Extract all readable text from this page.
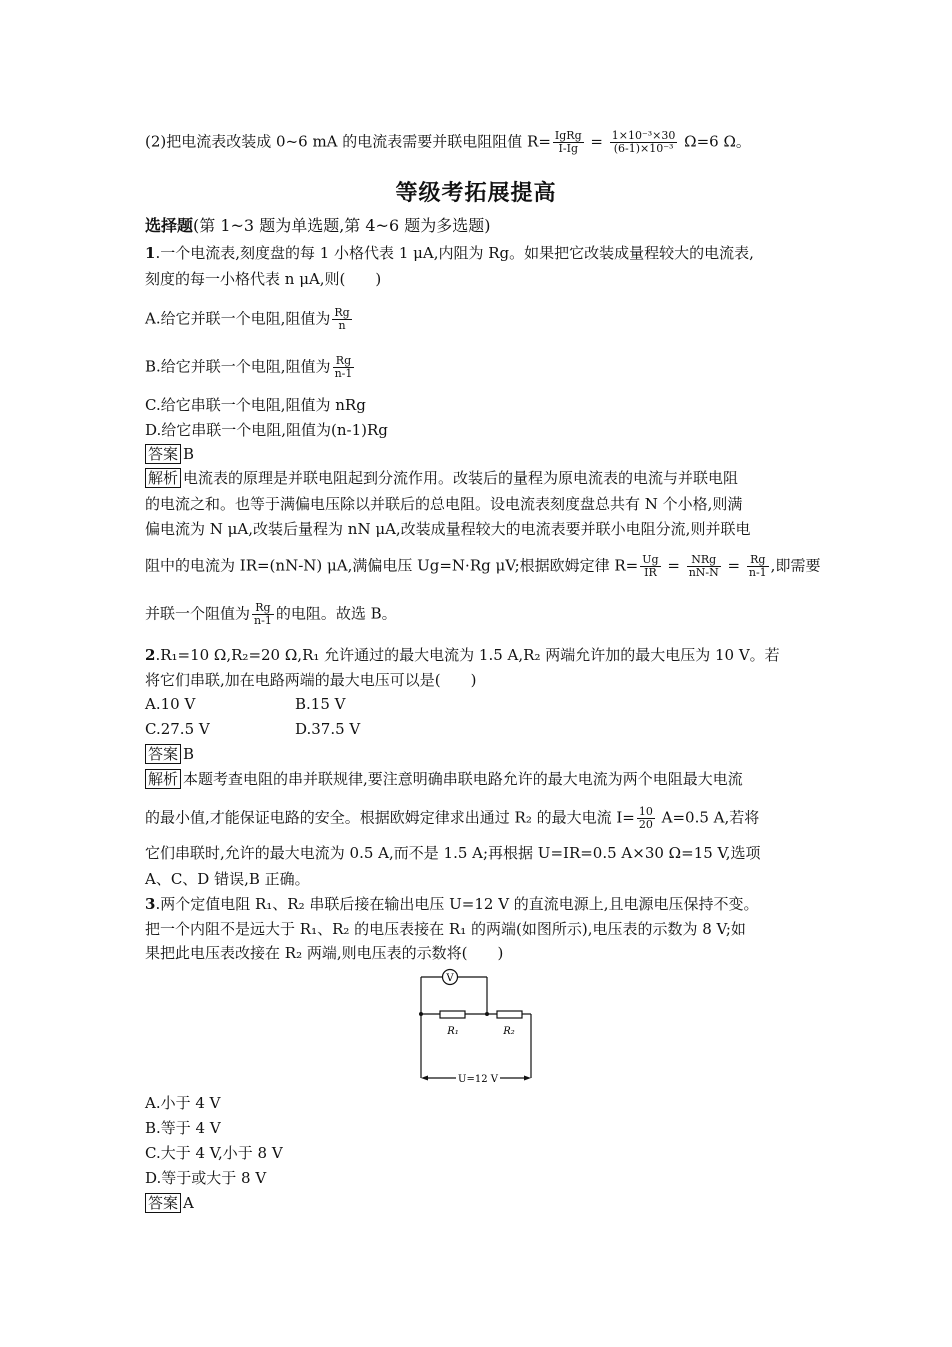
(2)把电流表改装成 0~6 mA 的电流表需要并联电阻阻值 $R= \frac{\text{IgRg}}{I-Ig} = \frac{\text{1×10⁻³×30}}{\text{(6-1)×10⁻³}} \Omega=6$ Ω。
等级考拓展提高
选择题(第 1~3 题为单选题,第 4~6 题为多选题)
1.一个电流表,刻度盘的每 1 小格代表 1 μA,内阻为 Rg。如果把它改装成量程较大的电流表,
刻度的每一小格代表 n μA,则(　　)
A.给它并联一个电阻,阻值为 $\frac{Rg}{n}$
B.给它并联一个电阻,阻值为 $\frac{Rg}{n-1}$
C.给它串联一个电阻,阻值为 nRg
D.给它串联一个电阻,阻值为(n-1)Rg
答案 B
解析 电流表的原理是并联电阻起到分流作用。改装后的量程为原电流表的电流与并联电阻
的电流之和。也等于满偏电压除以并联后的总电阻。设电流表刻度盘总共有 N 个小格,则满
偏电流为 N μA,改装后量程为 nN μA,改装成量程较大的电流表要并联小电阻分流,则并联电
阻中的电流为 IR=(nN-N) μA,满偏电压 Ug=N·Rg μV;根据欧姆定律 $R= \frac{Ug}{IR} = \frac{\text{NRg}}{nN-N} = \frac{Rg}{n-1}$ ,即需要
并联一个阻值为 $\frac{Rg}{n-1}$ 的电阻。故选 B。
2.R₁=10 Ω,R₂=20 Ω,R₁ 允许通过的最大电流为 1.5 A,R₂ 两端允许加的最大电压为 10 V。若
将它们串联,加在电路两端的最大电压可以是(　　)
A.10 V	B.15 V
C.27.5 V	D.37.5 V
答案 B
解析 本题考查电阻的串并联规律,要注意明确串联电路允许的最大电流为两个电阻最大电流
的最小值,才能保证电路的安全。根据欧姆定律求出通过 R₂ 的最大电流 $I= \frac{10}{20} A=0.5$ A,若将
它们串联时,允许的最大电流为 0.5 A,而不是 1.5 A;再根据 U=IR=0.5 A×30 Ω=15 V,选项
A、C、D 错误,B 正确。
3.两个定值电阻 R₁、R₂ 串联后接在输出电压 U=12 V 的直流电源上,且电源电压保持不变。
把一个内阻不是远大于 R₁、R₂ 的电压表接在 R₁ 的两端(如图所示),电压表的示数为 8 V;如
果把此电压表改接在 R₂ 两端,则电压表的示数将(　　)
V
R₁	R₂
U=12 V
A.小于 4 V
B.等于 4 V
C.大于 4 V,小于 8 V
D.等于或大于 8 V
答案 A
